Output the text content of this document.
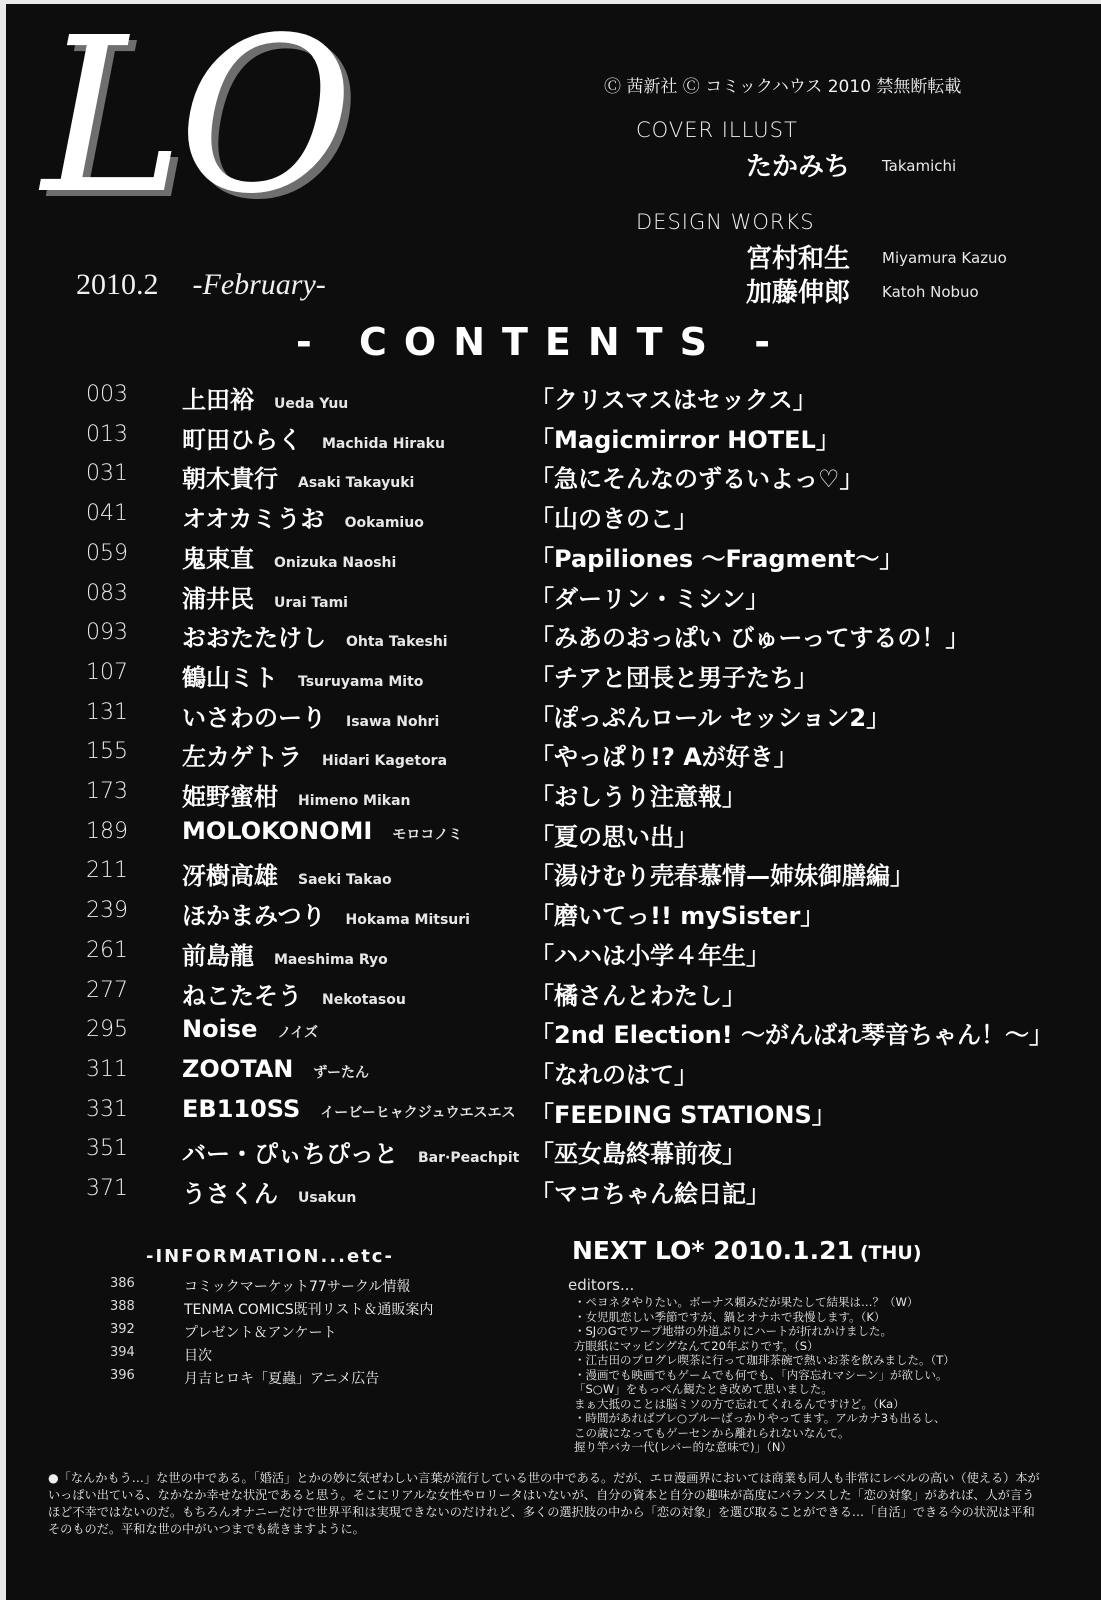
LO
2010.2 -February-
Ⓒ 茜新社 Ⓒ コミックハウス 2010 禁無断転載
COVER ILLUST
たかみち Takamichi
DESIGN WORKS
宮村和生 Miyamura Kazuo
加藤伸郎 Katoh Nobuo
- CONTENTS -
003 上田裕 Ueda Yuu	「クリスマスはセックス」
013 町田ひらく Machida Hiraku	「Magicmirror HOTEL」
031 朝木貴行 Asaki Takayuki	「急にそんなのずるいよっ♡」
041 オオカミうお Ookamiuo	「山のきのこ」
059 鬼束直 Onizuka Naoshi	「Papiliones 〜Fragment〜」
083 浦井民 Urai Tami	「ダーリン・ミシン」
093 おおたたけし Ohta Takeshi	「みあのおっぱい びゅーってするの！」
107 鶴山ミト Tsuruyama Mito	「チアと団長と男子たち」
131 いさわのーり Isawa Nohri	「ぽっぷんロール セッション2」
155 左カゲトラ Hidari Kagetora	「やっぱり!? Aが好き」
173 姫野蜜柑 Himeno Mikan	「おしうり注意報」
189 MOLOKONOMI モロコノミ	「夏の思い出」
211 冴樹高雄 Saeki Takao	「湯けむり売春慕情—姉妹御膳編」
239 ほかまみつり Hokama Mitsuri	「磨いてっ!! mySister」
261 前島龍 Maeshima Ryo	「ハハは小学４年生」
277 ねこたそう Nekotasou	「橘さんとわたし」
295 Noise ノイズ	「2nd Election! 〜がんばれ琴音ちゃん！〜」
311 ZOOTAN ずーたん	「なれのはて」
331 EB110SS イービーヒャクジュウエスエス 「FEEDING STATIONS」
351 バー・ぴぃちぴっと Bar·Peachpit 「巫女島終幕前夜」
371 うさくん Usakun	「マコちゃん絵日記」
-INFORMATION...etc-
386	コミックマーケット77サークル情報
388	TENMA COMICS既刊リスト＆通販案内
392	プレゼント＆アンケート
394	目次
396	月吉ヒロキ「夏蟲」アニメ広告
NEXT LO* 2010.1.21 (THU)
editors...
・ペヨネタやりたい。ボーナス頼みだが果たして結果は…？（W）
・女児肌恋しい季節ですが、鍋とオナホで我慢します。（K）
・SJのGでワープ地帯の外道ぶりにハートが折れかけました。
方眼紙にマッピングなんて20年ぶりです。（S）
・江古田のプログレ喫茶に行って珈琲茶碗で熱いお茶を飲みました。（T）
・漫画でも映画でもゲームでも何でも、「内容忘れマシーン」が欲しい。
「S○W」をもっぺん観たとき改めて思いました。
まぁ大抵のことは脳ミソの方で忘れてくれるんですけど。（Ka）
・時間があればブレ○ブルーばっかりやってます。アルカナ3も出るし、
この歳になってもゲーセンから離れられないなんて。
握り竿バカ一代(レバー的な意味で)」（N）
●「なんかもう…」な世の中である。「婚活」とかの妙に気ぜわしい言葉が流行している世の中である。だが、エロ漫画界においては商業も同人も非常にレベルの高い（使える）本が
いっぱい出ている、なかなか幸せな状況であると思う。そこにリアルな女性やロリータはいないが、自分の資本と自分の趣味が高度にバランスした「恋の対象」があれば、人が言う
ほど不幸ではないのだ。もちろんオナニーだけで世界平和は実現できないのだけれど、多くの選択肢の中から「恋の対象」を選び取ることができる…「自活」できる今の状況は平和
そのものだ。平和な世の中がいつまでも続きますように。
